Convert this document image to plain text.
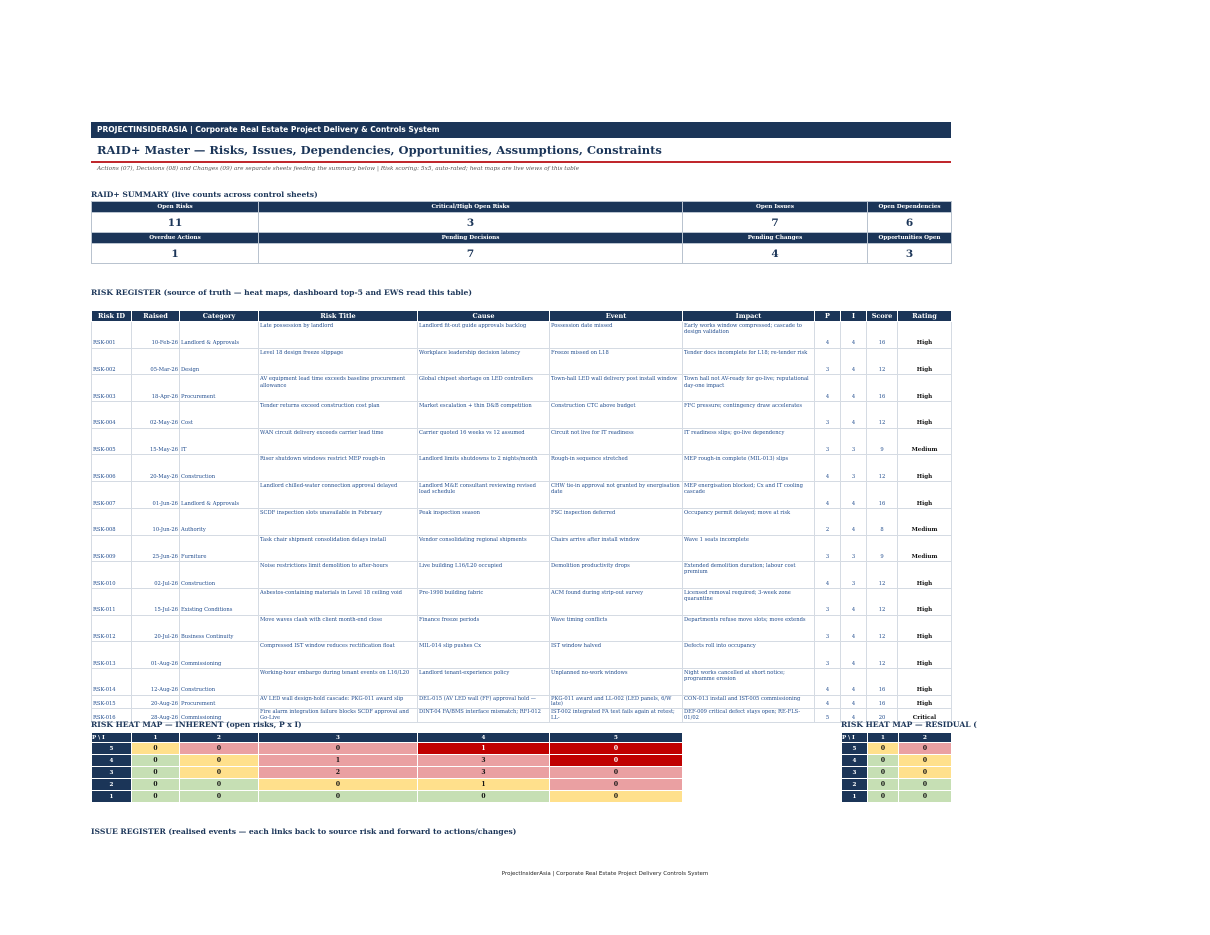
PROJECTINSIDERASIA | Corporate Real Estate Project Delivery & Controls System
RAID+ Master — Risks, Issues, Dependencies, Opportunities, Assumptions, Constraints
Actions (07), Decisions (08) and Changes (09) are separate sheets feeding the summary below | Risk scoring: 5x5, auto-rated; heat maps are live views of this table
RAID+ SUMMARY (live counts across control sheets)
Open Risks	Critical/High Open Risks	Open Issues	Open Dependencies
11	3	7	6
Overdue Actions	Pending Decisions	Pending Changes	Opportunities Open
1	7	4	3
RISK REGISTER (source of truth — heat maps, dashboard top-5 and EWS read this table)
Risk ID	Raised	Category	Risk Title	Cause	Event	Impact	P	I	Score	Rating
RSK-001	10-Feb-26	Landlord & Approvals	Late possession by landlord	Landlord fit-out guide approvals backlog	Possession date missed	Early works window compressed; cascade to design validation	4	4	16	High
RSK-002	05-Mar-26	Design	Level 18 design freeze slippage	Workplace leadership decision latency	Freeze missed on L18	Tender docs incomplete for L18; re-tender risk	3	4	12	High
RSK-003	18-Apr-26	Procurement	AV equipment lead time exceeds baseline procurement allowance	Global chipset shortage on LED controllers	Town-hall LED wall delivery post install window	Town hall not AV-ready for go-live; reputational day-one impact	4	4	16	High
RSK-004	02-May-26	Cost	Tender returns exceed construction cost plan	Market escalation + thin D&B competition	Construction CTC above budget	FFC pressure; contingency draw accelerates	3	4	12	High
RSK-005	15-May-26	IT	WAN circuit delivery exceeds carrier lead time	Carrier quoted 16 weeks vs 12 assumed	Circuit not live for IT readiness	IT readiness slips; go-live dependency	3	3	9	Medium
RSK-006	20-May-26	Construction	Riser shutdown windows restrict MEP rough-in	Landlord limits shutdowns to 2 nights/month	Rough-in sequence stretched	MEP rough-in complete (MIL-013) slips	4	3	12	High
RSK-007	01-Jun-26	Landlord & Approvals	Landlord chilled-water connection approval delayed	Landlord M&E consultant reviewing revised load schedule	CHW tie-in approval not granted by energisation date	MEP energisation blocked; Cx and IT cooling cascade	4	4	16	High
RSK-008	10-Jun-26	Authority	SCDF inspection slots unavailable in February	Peak inspection season	FSC inspection deferred	Occupancy permit delayed; move at risk	2	4	8	Medium
RSK-009	25-Jun-26	Furniture	Task chair shipment consolidation delays install	Vendor consolidating regional shipments	Chairs arrive after install window	Wave 1 seats incomplete	3	3	9	Medium
RSK-010	02-Jul-26	Construction	Noise restrictions limit demolition to after-hours	Live building L16/L20 occupied	Demolition productivity drops	Extended demolition duration; labour cost premium	4	3	12	High
RSK-011	15-Jul-26	Existing Conditions	Asbestos-containing materials in Level 18 ceiling void	Pre-1998 building fabric	ACM found during strip-out survey	Licensed removal required; 3-week zone quarantine	3	4	12	High
RSK-012	20-Jul-26	Business Continuity	Move waves clash with client month-end close	Finance freeze periods	Wave timing conflicts	Departments refuse move slots; move extends	3	4	12	High
RSK-013	01-Aug-26	Commissioning	Compressed IST window reduces rectification float	MIL-014 slip pushes Cx	IST window halved	Defects roll into occupancy	3	4	12	High
RSK-014	12-Aug-26	Construction	Working-hour embargo during tenant events on L16/L20	Landlord tenant-experience policy	Unplanned no-work windows	Night works cancelled at short notice; programme erosion	4	4	16	High
RSK-015	20-Aug-26	Procurement	AV LED wall design-hold cascade: PKG-011 award slip	DEL-015 (AV LED wall (FF) approval hold —	PKG-011 award and LL-002 (LED panels, 6/W late)	CON-013 install and IST-005 commissioning	4	4	16	High
RSK-016	28-Aug-26	Commissioning	Fire alarm integration failure blocks SCDF approval and Go-Live	DINT-04 FA/BMS interface mismatch; RFI-012	IST-002 integrated FA test fails again at retest; LL-	DEF-009 critical defect stays open; RE-FLS-01/02	5	4	20	Critical
RISK HEAT MAP — INHERENT (open risks, P x I)
P \ I	1	2	3	4	5
5	0	0	0	1	0
4	0	0	1	3	0
3	0	0	2	3	0
2	0	0	0	1	0
1	0	0	0	0	0
RISK HEAT MAP — RESIDUAL (
P \ I	1	2
5	0	0
4	0	0
3	0	0
2	0	0
1	0	0
ISSUE REGISTER (realised events — each links back to source risk and forward to actions/changes)
ProjectInsiderAsia | Corporate Real Estate Project Delivery Controls System
